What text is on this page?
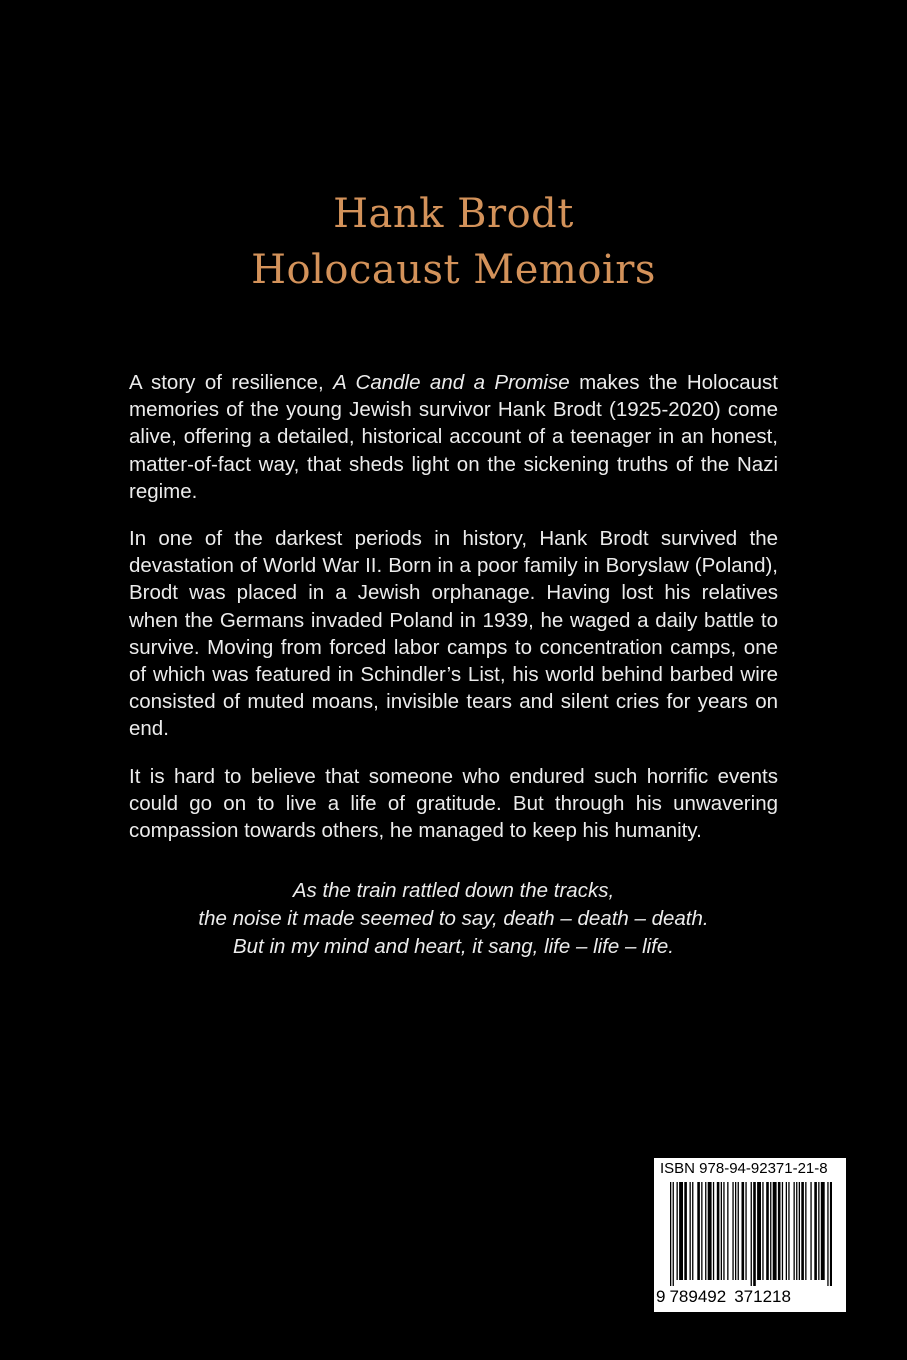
Hank Brodt
Holocaust Memoirs

A story of resilience, A Candle and a Promise makes the Holocaust memories of the young Jewish survivor Hank Brodt (1925-2020) come alive, offering a detailed, historical account of a teenager in an honest, matter-of-fact way, that sheds light on the sickening truths of the Nazi regime.

In one of the darkest periods in history, Hank Brodt survived the devastation of World War II. Born in a poor family in Boryslaw (Poland), Brodt was placed in a Jewish orphanage. Having lost his relatives when the Germans invaded Poland in 1939, he waged a daily battle to survive. Moving from forced labor camps to concentration camps, one of which was featured in Schindler’s List, his world behind barbed wire consisted of muted moans, invisible tears and silent cries for years on end.

It is hard to believe that someone who endured such horrific events could go on to live a life of gratitude. But through his unwavering compassion towards others, he managed to keep his humanity.

As the train rattled down the tracks,
the noise it made seemed to say, death – death – death.
But in my mind and heart, it sang, life – life – life.
ISBN 978-94-92371-21-8
9 789492 371218
